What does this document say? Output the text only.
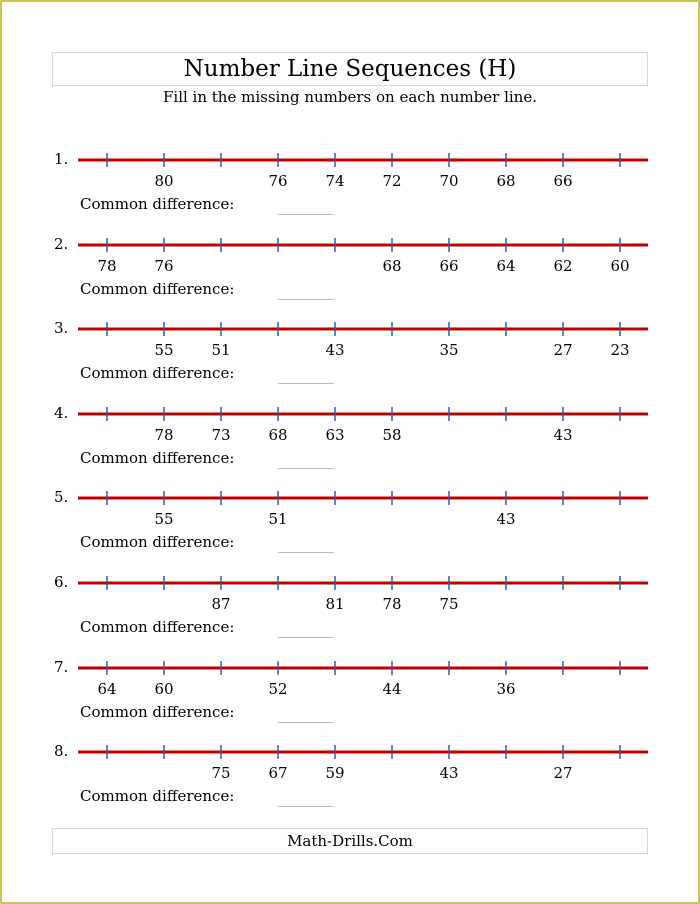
Number Line Sequences (H)
Fill in the missing numbers on each number line.
1.
80	76	74	72	70	68	66
Common difference:
2.
78	76	68	66	64	62	60
Common difference:
3.
55	51	43	35	27	23
Common difference:
4.
78	73	68	63	58	43
Common difference:
5.
55	51	43
Common difference:
6.
87	81	78	75
Common difference:
7.
64	60	52	44	36
Common difference:
8.
75	67	59	43	27
Common difference:
Math-Drills.Com
